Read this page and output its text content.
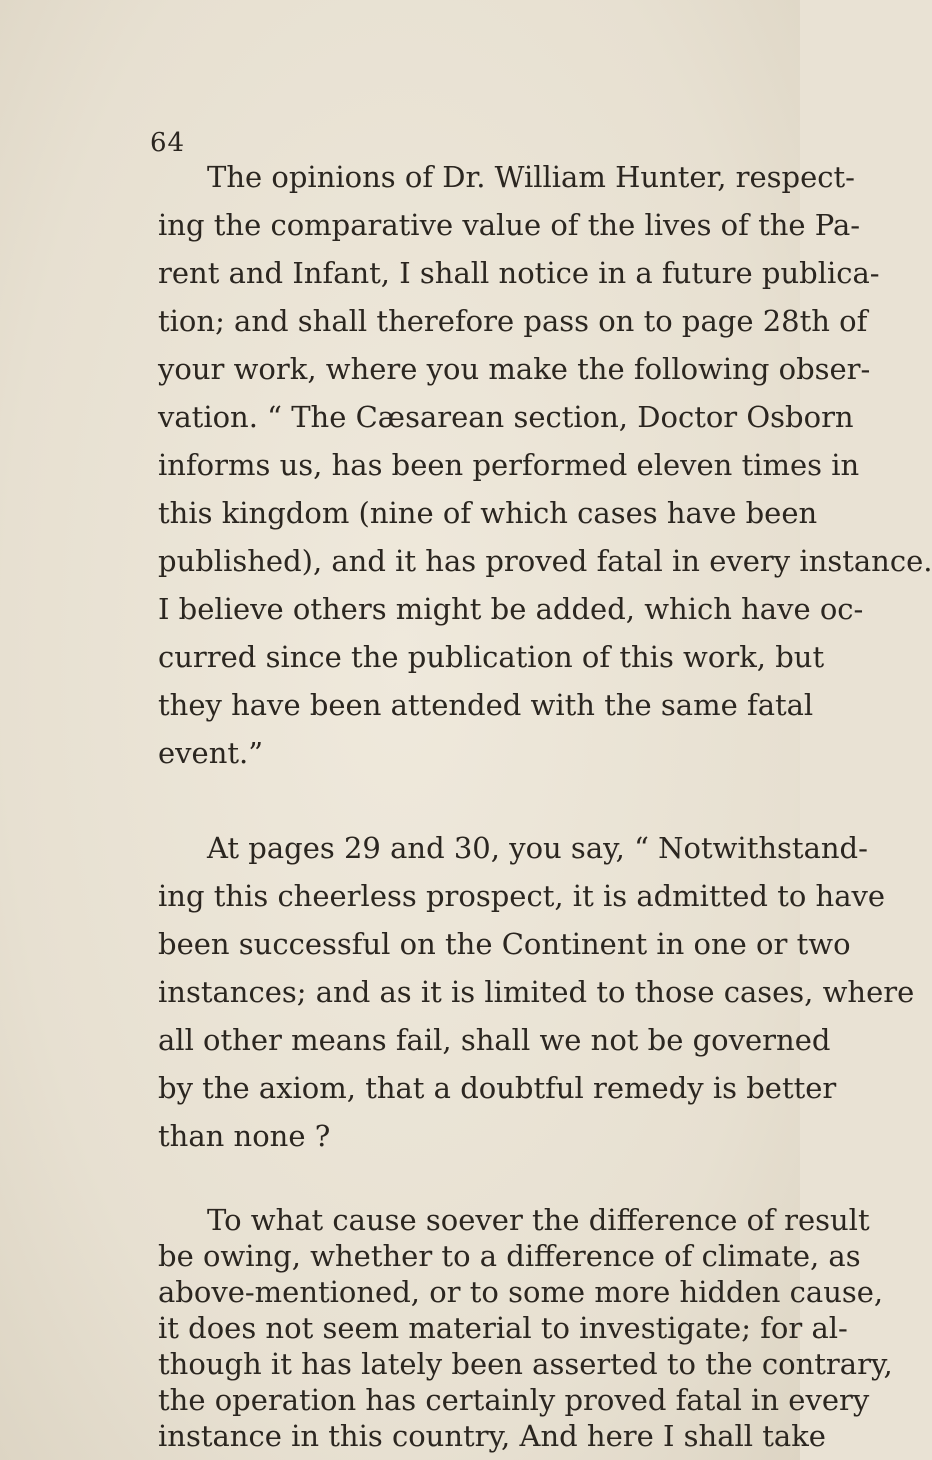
64
The opinions of Dr. William Hunter, respect-
ing the comparative value of the lives of the Pa-
rent and Infant, I shall notice in a future publica-
tion; and shall therefore pass on to page 28th of
your work, where you make the following obser-
vation. “ The Cæsarean section, Doctor Osborn
informs us, has been performed eleven times in
this kingdom (nine of which cases have been
published), and it has proved fatal in every instance.
I believe others might be added, which have oc-
curred since the publication of this work, but
they have been attended with the same fatal
event.”
At pages 29 and 30, you say, “ Notwithstand-
ing this cheerless prospect, it is admitted to have
been successful on the Continent in one or two
instances; and as it is limited to those cases, where
all other means fail, shall we not be governed
by the axiom, that a doubtful remedy is better
than none ?
To what cause soever the difference of result
be owing, whether to a difference of climate, as
above-mentioned, or to some more hidden cause,
it does not seem material to investigate; for al-
though it has lately been asserted to the contrary,
the operation has certainly proved fatal in every
instance in this country, And here I shall take
